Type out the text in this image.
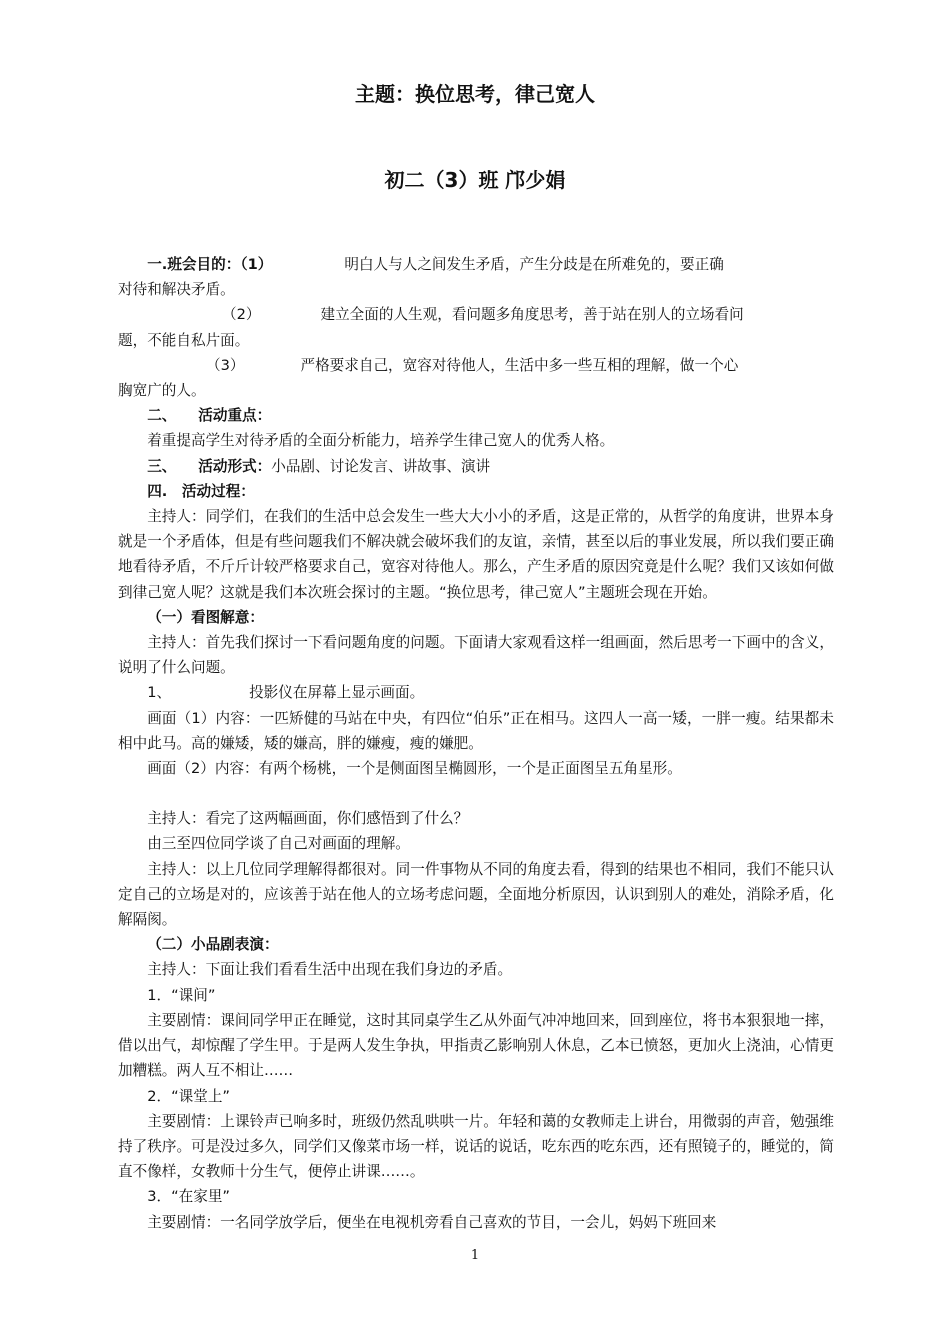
主题：换位思考，律己宽人
初二（3）班 邝少娟

一.班会目的：（1）	明白人与人之间发生矛盾，产生分歧是在所难免的，要正确

对待和解决矛盾。

（2）	建立全面的人生观，看问题多角度思考，善于站在别人的立场看问

题，不能自私片面。

（3）	严格要求自己，宽容对待他人，生活中多一些互相的理解，做一个心

胸宽广的人。

二、　　活动重点：

着重提高学生对待矛盾的全面分析能力，培养学生律己宽人的优秀人格。

三、　　活动形式：小品剧、讨论发言、讲故事、演讲

四.　活动过程：

主持人：同学们，在我们的生活中总会发生一些大大小小的矛盾，这是正常的，从哲学的角度讲，世界本身就是一个矛盾体，但是有些问题我们不解决就会破坏我们的友谊，亲情，甚至以后的事业发展，所以我们要正确地看待矛盾，不斤斤计较严格要求自己，宽容对待他人。那么，产生矛盾的原因究竟是什么呢？我们又该如何做到律己宽人呢？这就是我们本次班会探讨的主题。“换位思考，律己宽人”主题班会现在开始。

（一）看图解意：

主持人：首先我们探讨一下看问题角度的问题。下面请大家观看这样一组画面，然后思考一下画中的含义，说明了什么问题。

1、	投影仪在屏幕上显示画面。

画面（1）内容：一匹矫健的马站在中央，有四位“伯乐”正在相马。这四人一高一矮，一胖一瘦。结果都未相中此马。高的嫌矮，矮的嫌高，胖的嫌瘦，瘦的嫌肥。

画面（2）内容：有两个杨桃，一个是侧面图呈椭圆形，一个是正面图呈五角星形。

主持人：看完了这两幅画面，你们感悟到了什么？

由三至四位同学谈了自己对画面的理解。

主持人：以上几位同学理解得都很对。同一件事物从不同的角度去看，得到的结果也不相同，我们不能只认定自己的立场是对的，应该善于站在他人的立场考虑问题，全面地分析原因，认识到别人的难处，消除矛盾，化解隔阂。

（二）小品剧表演：

主持人：下面让我们看看生活中出现在我们身边的矛盾。

1．“课间”

主要剧情：课间同学甲正在睡觉，这时其同桌学生乙从外面气冲冲地回来，回到座位，将书本狠狠地一摔，借以出气，却惊醒了学生甲。于是两人发生争执，甲指责乙影响别人休息，乙本已愤怒，更加火上浇油，心情更加糟糕。两人互不相让……

2．“课堂上”

主要剧情：上课铃声已响多时，班级仍然乱哄哄一片。年轻和蔼的女教师走上讲台，用微弱的声音，勉强维持了秩序。可是没过多久，同学们又像菜市场一样，说话的说话，吃东西的吃东西，还有照镜子的，睡觉的，简直不像样，女教师十分生气，便停止讲课……。

3．“在家里”

主要剧情：一名同学放学后，便坐在电视机旁看自己喜欢的节目，一会儿，妈妈下班回来

1
